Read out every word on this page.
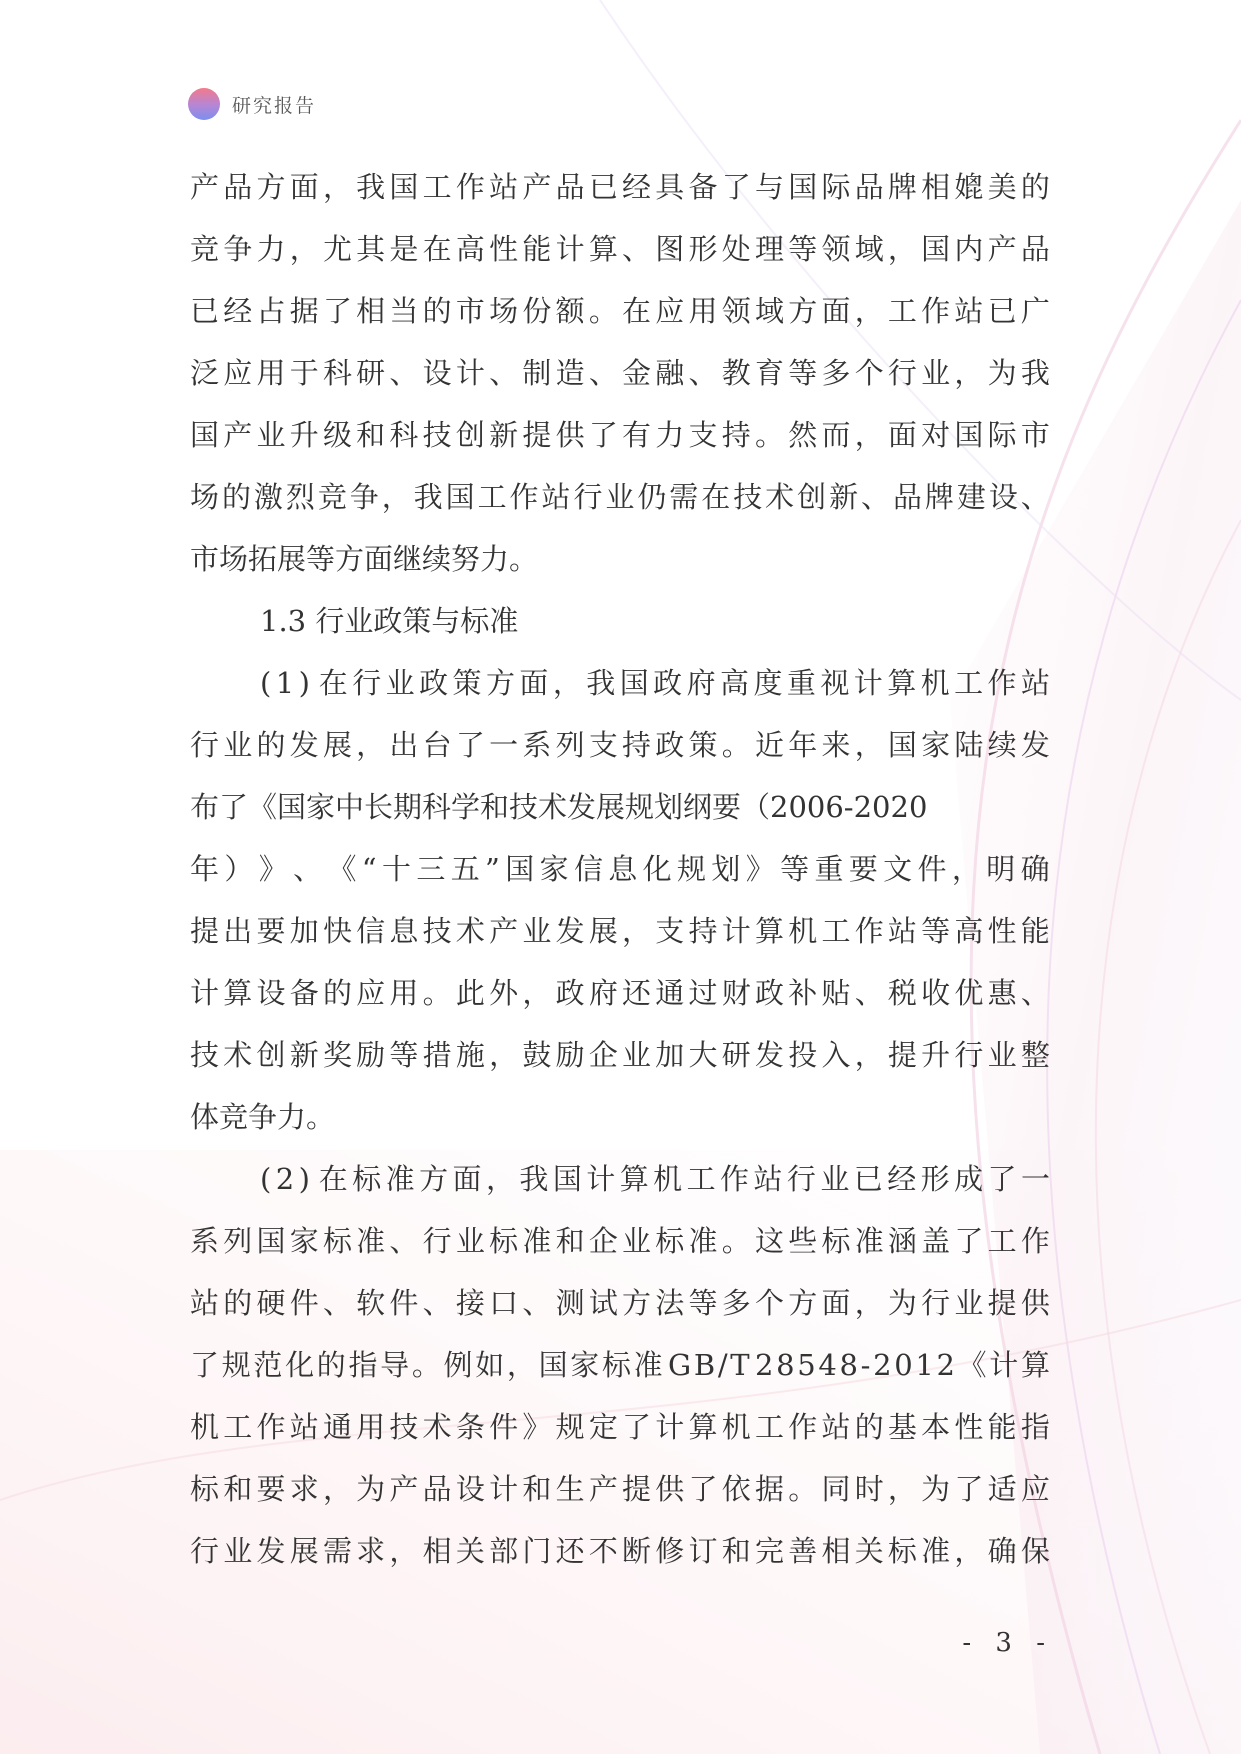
研究报告
产 品 方 面 ， 我 国 工 作 站 产 品 已 经 具 备 了 与 国 际 品 牌 相 媲 美 的
竞 争 力 ， 尤 其 是 在 高 性 能 计 算 、 图 形 处 理 等 领 域 ， 国 内 产 品
已 经 占 据 了 相 当 的 市 场 份 额 。 在 应 用 领 域 方 面 ， 工 作 站 已 广
泛 应 用 于 科 研 、 设 计 、 制 造 、 金 融 、 教 育 等 多 个 行 业 ， 为 我
国 产 业 升 级 和 科 技 创 新 提 供 了 有 力 支 持 。 然 而 ， 面 对 国 际 市
场 的 激 烈 竞 争 ， 我 国 工 作 站 行 业 仍 需 在 技 术 创 新 、 品 牌 建 设 、
市场拓展等方面继续努力。
1.3 行业政策与标准
( 1 ) 在 行 业 政 策 方 面 ， 我 国 政 府 高 度 重 视 计 算 机 工 作 站
行 业 的 发 展 ， 出 台 了 一 系 列 支 持 政 策 。 近 年 来 ， 国 家 陆 续 发
布了《国家中长期科学和技术发展规划纲要（2006-2020
年 ） 》 、 《 “ 十 三 五 ” 国 家 信 息 化 规 划 》 等 重 要 文 件 ， 明 确
提 出 要 加 快 信 息 技 术 产 业 发 展 ， 支 持 计 算 机 工 作 站 等 高 性 能
计 算 设 备 的 应 用 。 此 外 ， 政 府 还 通 过 财 政 补 贴 、 税 收 优 惠 、
技 术 创 新 奖 励 等 措 施 ， 鼓 励 企 业 加 大 研 发 投 入 ， 提 升 行 业 整
体竞争力。
( 2 ) 在 标 准 方 面 ， 我 国 计 算 机 工 作 站 行 业 已 经 形 成 了 一
系 列 国 家 标 准 、 行 业 标 准 和 企 业 标 准 。 这 些 标 准 涵 盖 了 工 作
站 的 硬 件 、 软 件 、 接 口 、 测 试 方 法 等 多 个 方 面 ， 为 行 业 提 供
了 规 范 化 的 指 导 。 例 如 ， 国 家 标 准 G B / T 2 8 5 4 8 - 2 0 1 2 《 计 算
机 工 作 站 通 用 技 术 条 件 》 规 定 了 计 算 机 工 作 站 的 基 本 性 能 指
标 和 要 求 ， 为 产 品 设 计 和 生 产 提 供 了 依 据 。 同 时 ， 为 了 适 应
行 业 发 展 需 求 ， 相 关 部 门 还 不 断 修 订 和 完 善 相 关 标 准 ， 确 保
- 3 -
